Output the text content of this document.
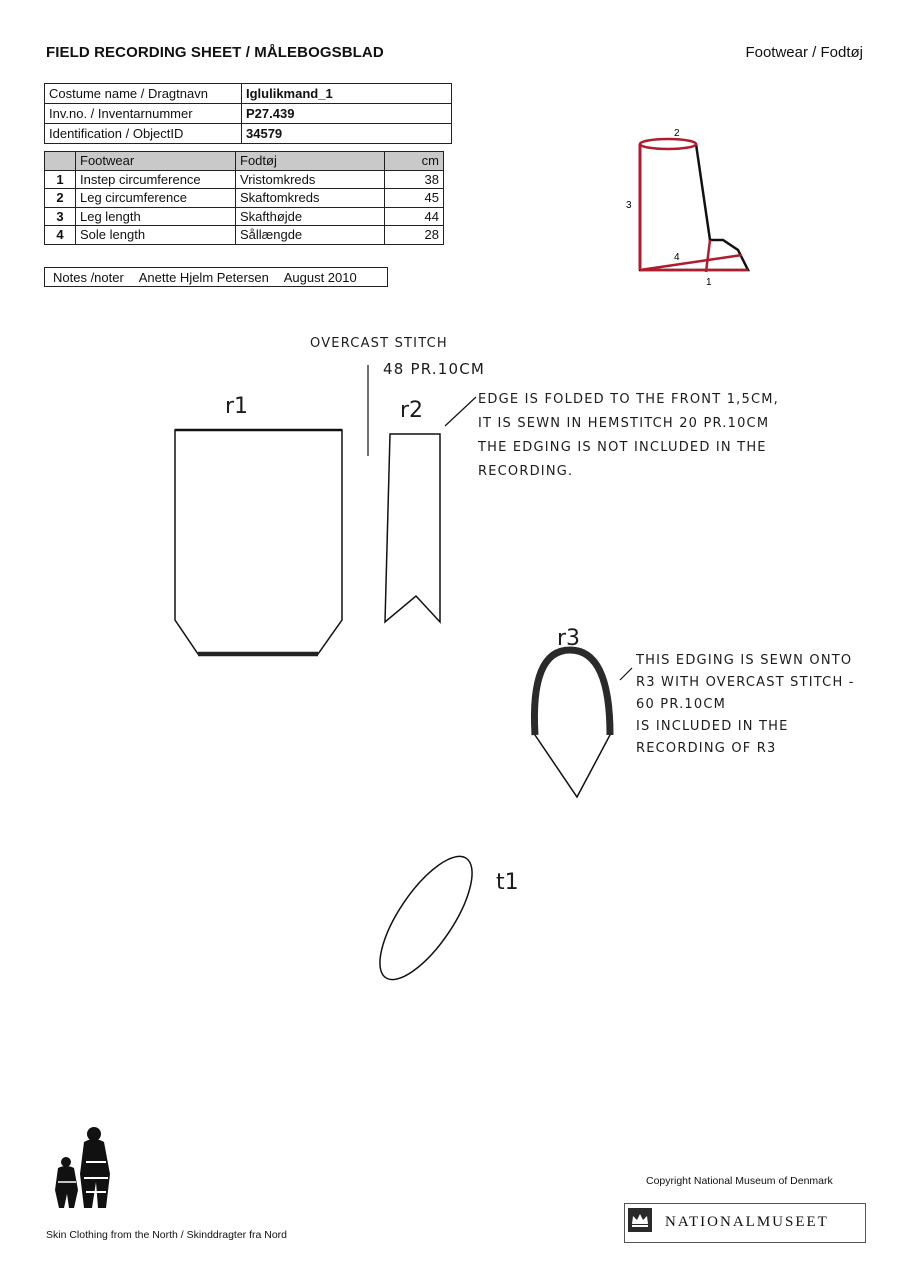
FIELD RECORDING SHEET / MÅLEBOGSBLAD	Footwear / Fodtøj
Costume name / Dragtnavn	Iglulikmand_1
Inv.no. / Inventarnummer	P27.439
Identification / ObjectID	34579
	Footwear	Fodtøj	cm
1	Instep circumference	Vristomkreds	38
2	Leg circumference	Skaftomkreds	45
3	Leg length	Skafthøjde	44
4	Sole length	Sållængde	28
Notes /noter Anette Hjelm Petersen August 2010
2
3
4
1
OVERCAST STITCH
48 PR.10CM
r1	r2
r3
t1
EDGE IS FOLDED TO THE FRONT 1,5CM,
IT IS SEWN IN HEMSTITCH 20 PR.10CM
THE EDGING IS NOT INCLUDED IN THE
RECORDING.
THIS EDGING IS SEWN ONTO
R3 WITH OVERCAST STITCH -
60 PR.10CM
IS INCLUDED IN THE
RECORDING OF R3
Skin Clothing from the North / Skinddragter fra Nord
Copyright National Museum of Denmark
NATIONALMUSEET
